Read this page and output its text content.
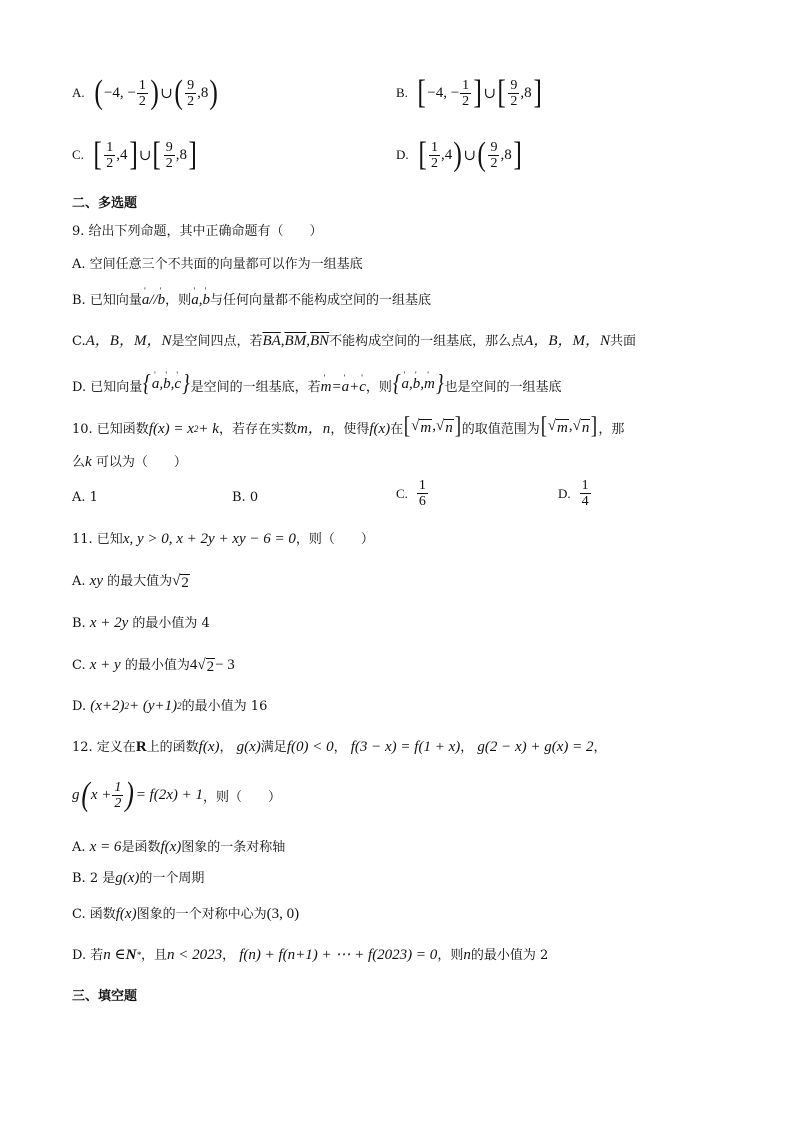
A. ( −4, − $\frac{1}{2}$ ) ∪ ( $\frac{9}{2} ,8$ )	B. [ −4, − $\frac{1}{2}$ ] ∪ [ $\frac{9}{2} ,8$ ]
C. [ $\frac{1}{2} ,4$ ] ∪ [ $\frac{9}{2} ,8$ ]	D. [ $\frac{1}{2} ,4$ ) ∪ ( $\frac{9}{2} ,8$ ]
二、多选题
9. 给出下列命题，其中正确命题有（　　）
A. 空间任意三个不共面的向量都可以作为一组基底
B. 已知向量 ' a // ' b ，则 ' a , ' b 与任何向量都不能构成空间的一组基底
C.A，B，M，N是空间四点，若 $\overline{BA}$ , $\overline{BM}$ , $\overline{BN}$ 不能构成空间的一组基底，那么点A，B，M，N共面
D. 已知向量 { ' a , ' b , ' c } 是空间的一组基底，若 ' m = ' a + ' c ，则 { ' a , ' b , ' m } 也是空间的一组基底
10. 已知函数f(x) = x 2 + k，若存在实数m，n，使得f(x)在 [ √ m , √ n ] 的取值范围为 [ √ m , √ n ] ，那
么k 可以为（　　）
A. 1	B. 0	C. $\frac{1}{6}$	D. $\frac{1}{4}$
11. 已知x, y > 0, x + 2y + xy − 6 = 0，则（　　）
A. xy 的最大值为 √ 2
B. x + 2y 的最小值为 4
C. x + y 的最小值为4 √ 2 − 3
D. (x+2) 2 + (y+1) 2 的最小值为 16
12. 定义在 R 上的函数f(x)， g(x)满足f(0) < 0， f(3 − x) = f(1 + x)， g(2 − x) + g(x) = 2，
g ( $x + \frac{1}{2}$ ) = f(2x) + 1 ，则（　　）
A. x = 6是函数f(x)图象的一条对称轴
B. 2 是g(x)的一个周期
C. 函数f(x)图象的一个对称中心为(3, 0)
D. 若n ∈ N * ，且n < 2023， f(n) + f(n+1) + ⋯ + f(2023) = 0，则n的最小值为 2
三、填空题
